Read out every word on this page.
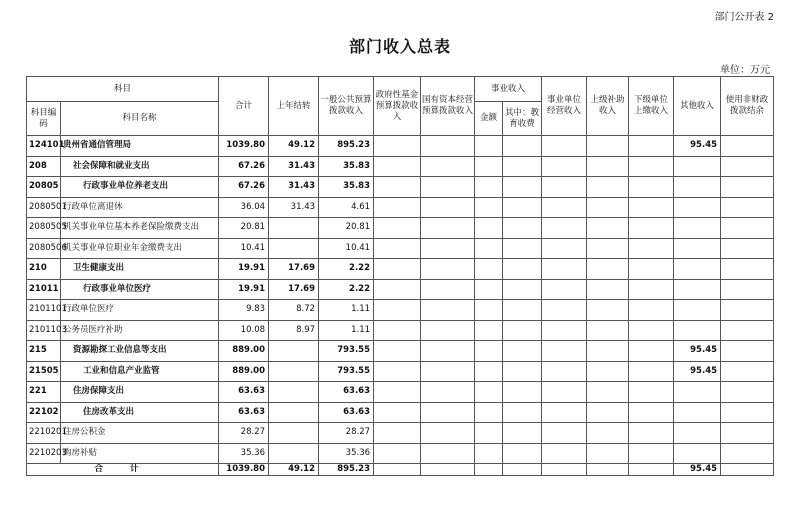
部门公开表 2
部门收入总表
单位：万元
科目		合计	上年结转	一般公共预算拨款收入	政府性基金预算拨款收入	国有资本经营预算拨款收入	事业收入		事业单位经营收入	上级补助收入	下级单位上缴收入	其他收入	使用非财政拨款结余
科目编码	科目名称						金额	其中：教育收费					

124101	贵州省通信管理局	1039.80	49.12	895.23								95.45	
208	社会保障和就业支出	67.26	31.43	35.83									
20805	行政事业单位养老支出	67.26	31.43	35.83									
2080501	行政单位离退休	36.04	31.43	4.61									
2080505	机关事业单位基本养老保险缴费支出	20.81		20.81									
2080506	机关事业单位职业年金缴费支出	10.41		10.41									
210	卫生健康支出	19.91	17.69	2.22									
21011	行政事业单位医疗	19.91	17.69	2.22									
2101101	行政单位医疗	9.83	8.72	1.11									
2101103	公务员医疗补助	10.08	8.97	1.11									
215	资源勘探工业信息等支出	889.00		793.55								95.45	
21505	工业和信息产业监管	889.00		793.55								95.45	
221	住房保障支出	63.63		63.63									
22102	住房改革支出	63.63		63.63									
2210201	住房公积金	28.27		28.27									
2210203	购房补贴	35.36		35.36									
合 计		1039.80	49.12	895.23								95.45	
